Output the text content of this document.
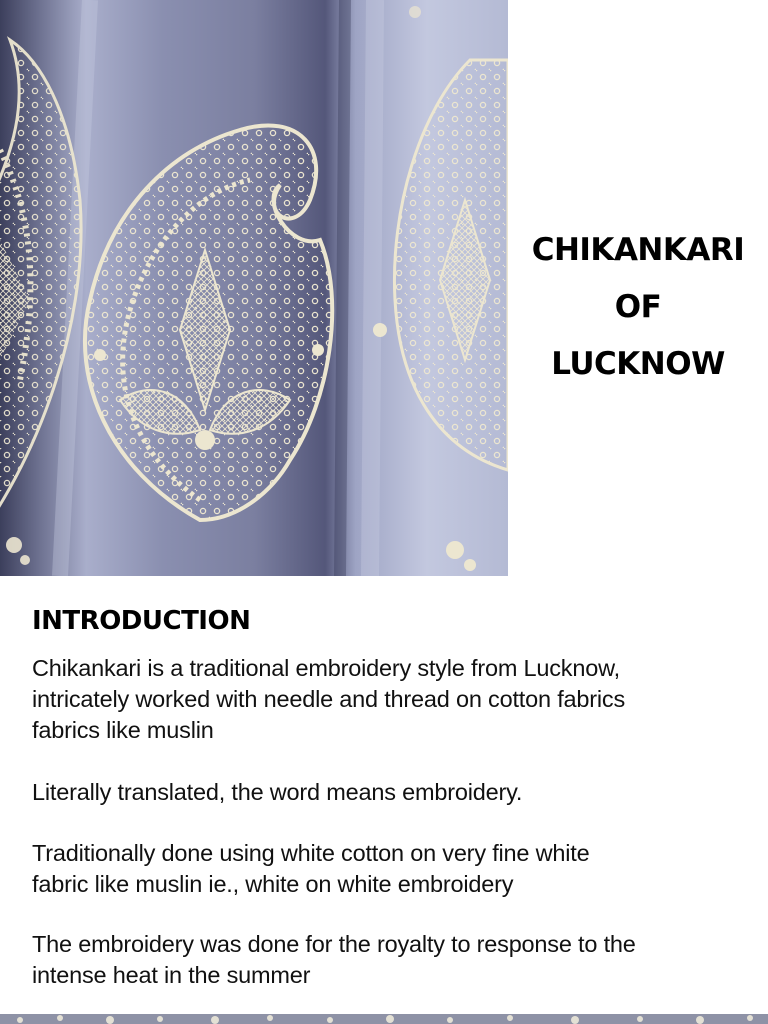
CHIKANKARI
OF
LUCKNOW
INTRODUCTION
Chikankari is a traditional embroidery style from Lucknow,
intricately worked with needle and thread on cotton fabrics
fabrics like muslin
Literally translated, the word means embroidery.
Traditionally done using white cotton on very fine white
fabric like muslin ie., white on white embroidery
The embroidery was done for the royalty to response to the
intense heat in the summer
